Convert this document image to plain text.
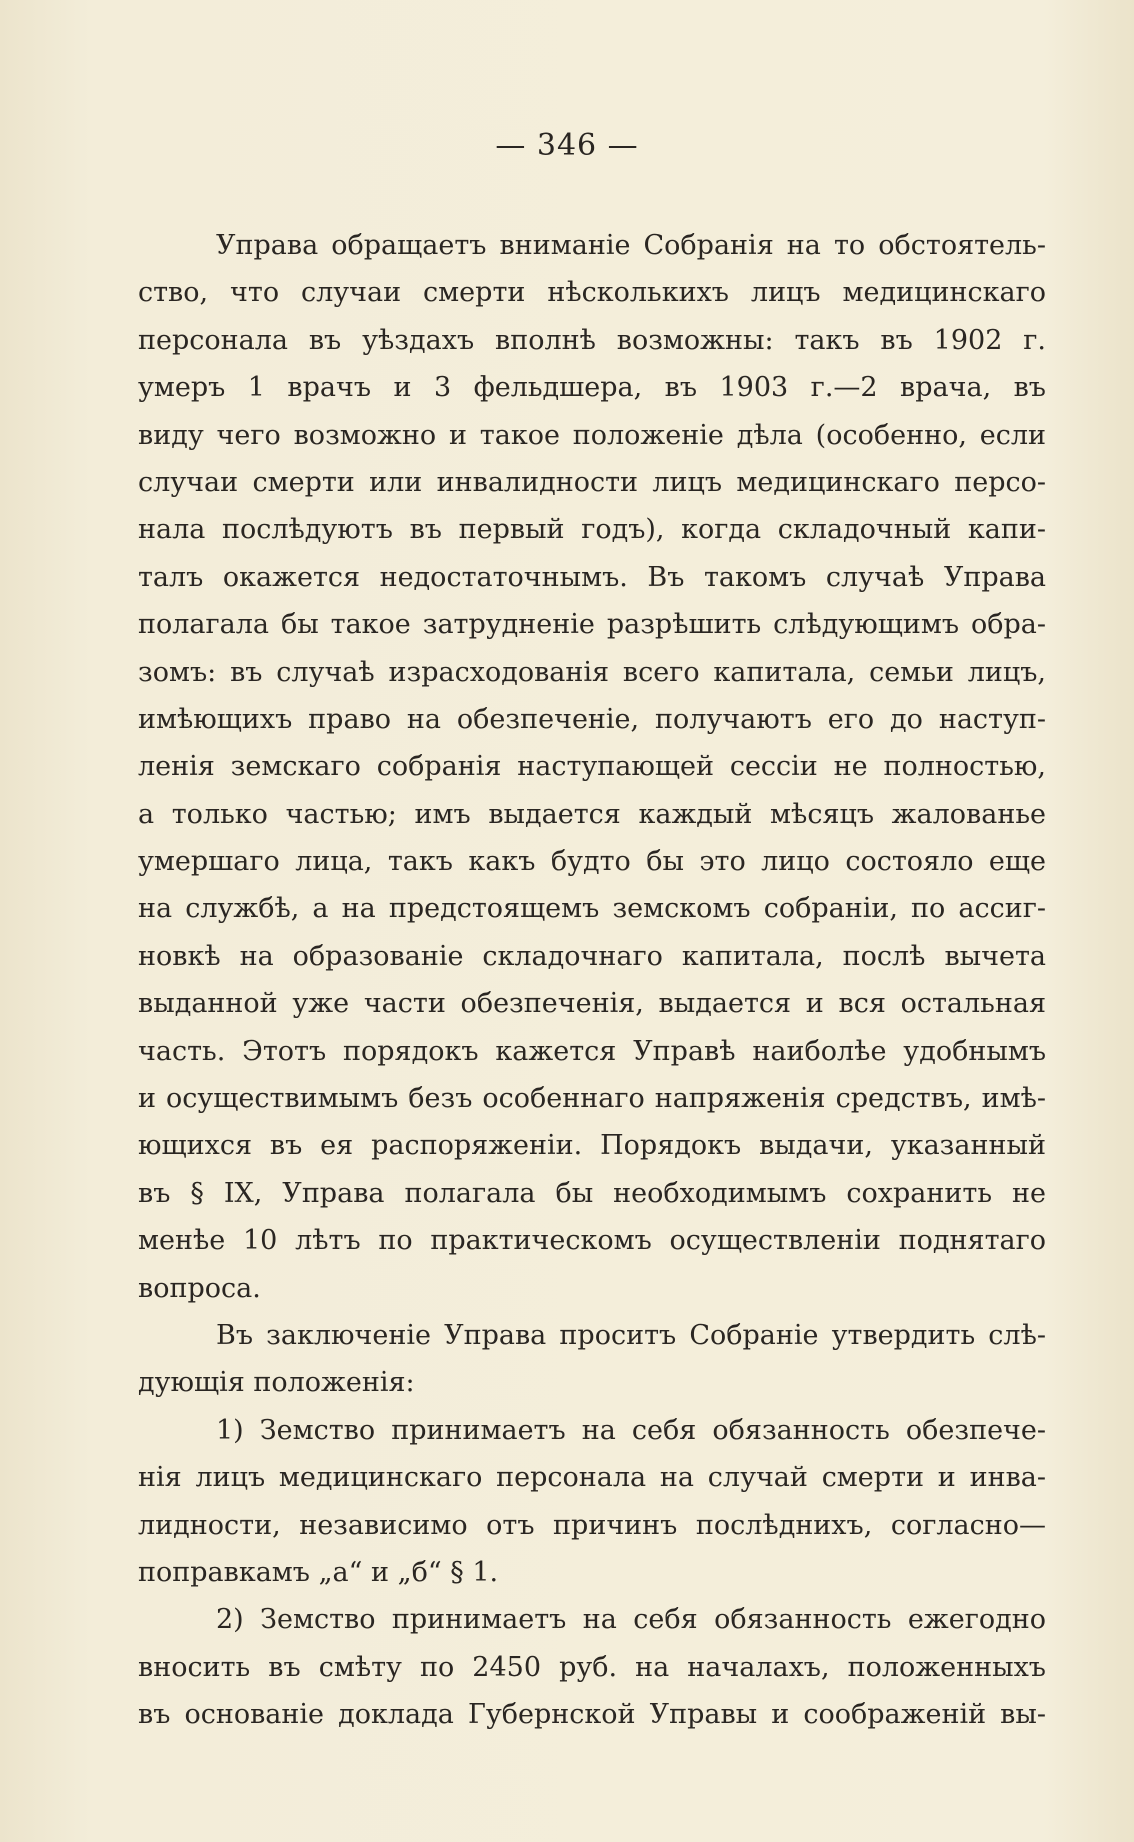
— 346 —
Управа обращаетъ вниманіе Собранія на то обстоятель-
ство, что случаи смерти нѣсколькихъ лицъ медицинскаго
персонала въ уѣздахъ вполнѣ возможны: такъ въ 1902 г.
умеръ 1 врачъ и 3 фельдшера, въ 1903 г.—2 врача, въ
виду чего возможно и такое положеніе дѣла (особенно, если
случаи смерти или инвалидности лицъ медицинскаго персо-
нала послѣдуютъ въ первый годъ), когда складочный капи-
талъ окажется недостаточнымъ. Въ такомъ случаѣ Управа
полагала бы такое затрудненіе разрѣшить слѣдующимъ обра-
зомъ: въ случаѣ израсходованія всего капитала, семьи лицъ,
имѣющихъ право на обезпеченіе, получаютъ его до наступ-
ленія земскаго собранія наступающей сессіи не полностью,
а только частью; имъ выдается каждый мѣсяцъ жалованье
умершаго лица, такъ какъ будто бы это лицо состояло еще
на службѣ, а на предстоящемъ земскомъ собраніи, по ассиг-
новкѣ на образованіе складочнаго капитала, послѣ вычета
выданной уже части обезпеченія, выдается и вся остальная
часть. Этотъ порядокъ кажется Управѣ наиболѣе удобнымъ
и осуществимымъ безъ особеннаго напряженія средствъ, имѣ-
ющихся въ ея распоряженіи. Порядокъ выдачи, указанный
въ § IX, Управа полагала бы необходимымъ сохранить не
менѣе 10 лѣтъ по практическомъ осуществленіи поднятаго
вопроса.
Въ заключеніе Управа проситъ Собраніе утвердить слѣ-
дующія положенія:
1) Земство принимаетъ на себя обязанность обезпече-
нія лицъ медицинскаго персонала на случай смерти и инва-
лидности, независимо отъ причинъ послѣднихъ, согласно—
поправкамъ „а“ и „б“ § 1.
2) Земство принимаетъ на себя обязанность ежегодно
вносить въ смѣту по 2450 руб. на началахъ, положенныхъ
въ основаніе доклада Губернской Управы и соображеній вы-
